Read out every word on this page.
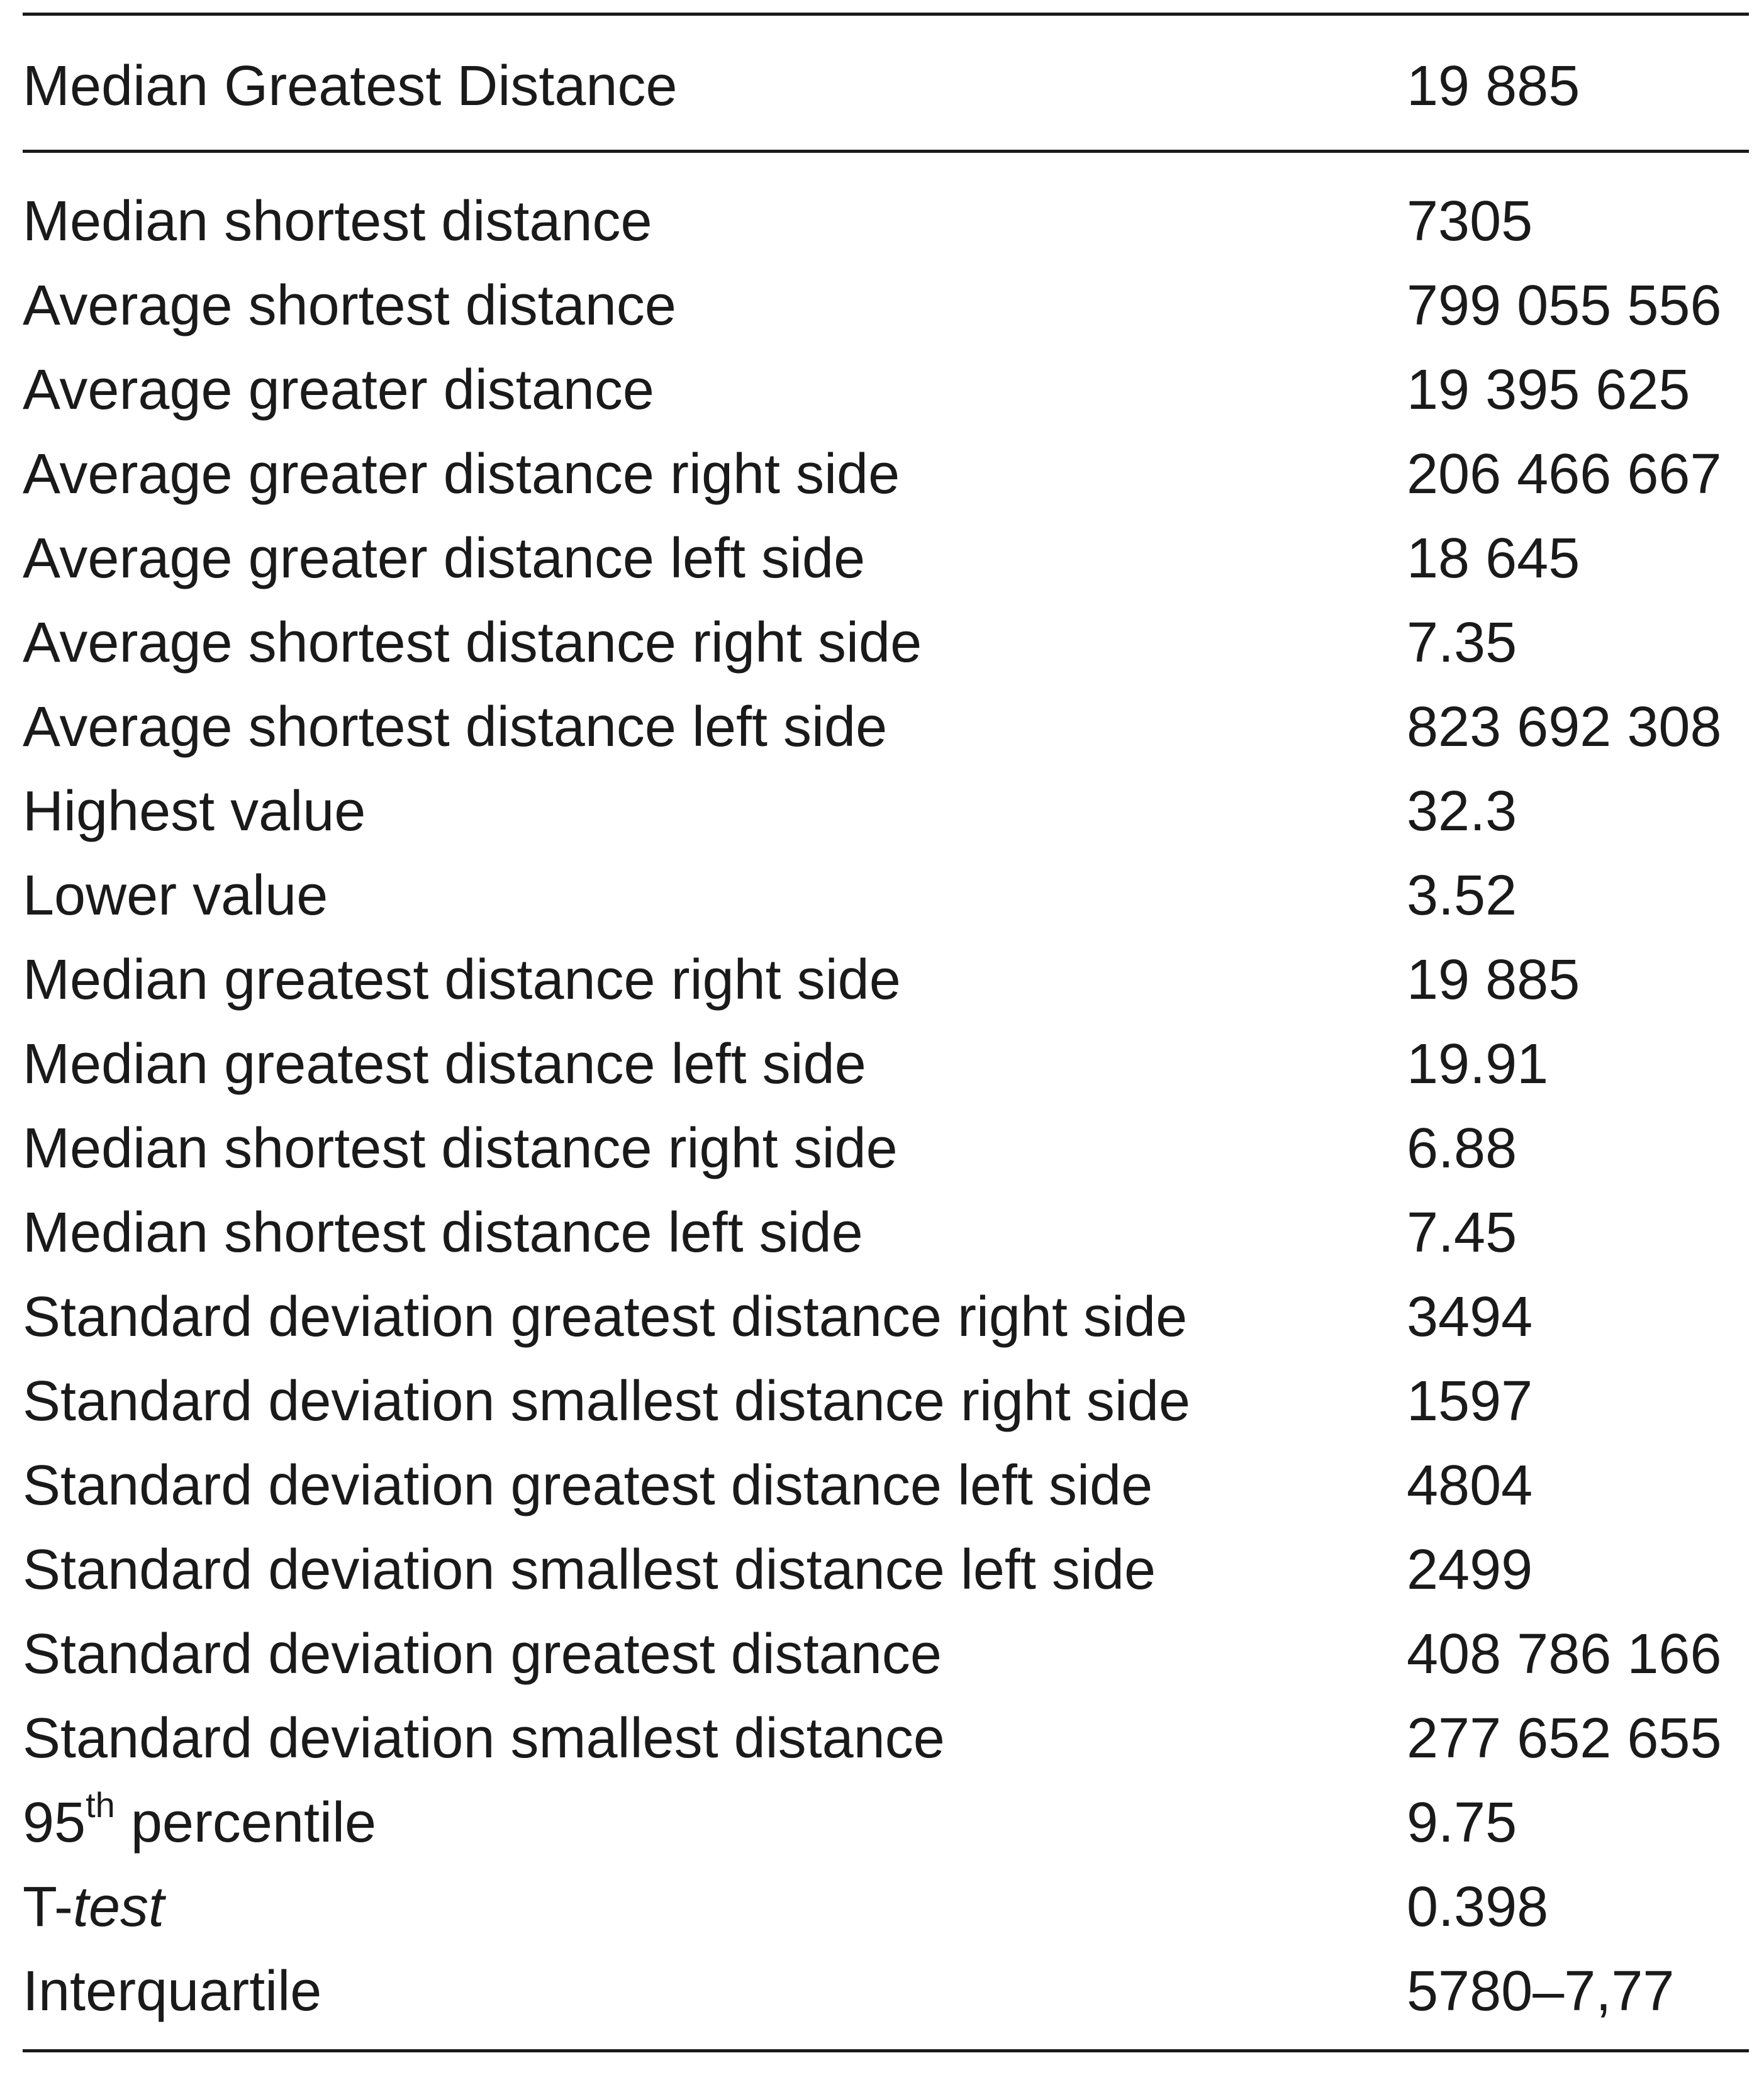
Median Greatest Distance	19 885
Median shortest distance	7305
Average shortest distance	799 055 556
Average greater distance	19 395 625
Average greater distance right side	206 466 667
Average greater distance left side	18 645
Average shortest distance right side	7.35
Average shortest distance left side	823 692 308
Highest value	32.3
Lower value	3.52
Median greatest distance right side	19 885
Median greatest distance left side	19.91
Median shortest distance right side	6.88
Median shortest distance left side	7.45
Standard deviation greatest distance right side	3494
Standard deviation smallest distance right side	1597
Standard deviation greatest distance left side	4804
Standard deviation smallest distance left side	2499
Standard deviation greatest distance	408 786 166
Standard deviation smallest distance	277 652 655
95th percentile	9.75
T-test	0.398
Interquartile	5780–7,77
